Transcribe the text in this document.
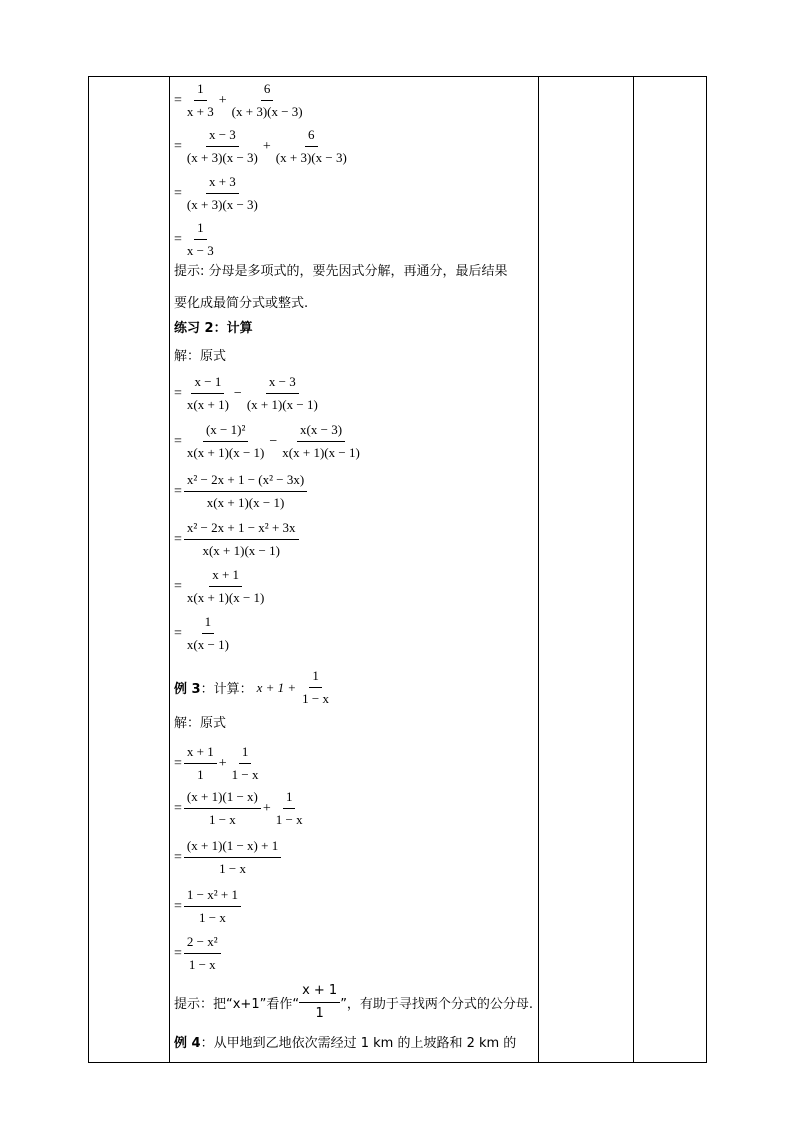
= $\frac{1}{x + 3} + \frac{6}{(x + 3)(x - 3)}$
= $\frac{x - 3}{(x + 3)(x - 3)} + \frac{6}{(x + 3)(x - 3)}$
= $\frac{x + 3}{(x + 3)(x - 3)}$
= $\frac{1}{x - 3}$
提示: 分母是多项式的，要先因式分解，再通分，最后结果
要化成最简分式或整式.
练习 2：计算
解：原式
= $\frac{x - 1}{x(x + 1)} - \frac{x - 3}{(x + 1)(x - 1)}$
= $\frac{\text{(x − 1)²}}{x(x + 1)(x - 1)} - \frac{x(x - 3)}{x(x + 1)(x - 1)}$
= $\frac{\text{x² − 2x + 1 − (x² − 3x)}}{x(x + 1)(x - 1)}$
= $\frac{\text{x² − 2x + 1 − x² + 3x}}{x(x + 1)(x - 1)}$
= $\frac{x + 1}{x(x + 1)(x - 1)}$
= $\frac{1}{x(x - 1)}$
例 3 ：计算： $x + 1 + \frac{1}{1 - x}$
解：原式
= $\frac{x + 1}{1} + \frac{1}{1 - x}$
= $\frac{(x + 1)(1 - x)}{1 - x} + \frac{1}{1 - x}$
= $\frac{(x + 1)(1 - x) + 1}{1 - x}$
= $\frac{\text{1 − x² + 1}}{1 - x}$
= $\frac{\text{2 − x²}}{1 - x}$
提示：把“x+1”看作“ $\frac{x + 1}{1}$ ”，有助于寻找两个分式的公分母.
例 4：从甲地到乙地依次需经过 1 km 的上坡路和 2 km 的
